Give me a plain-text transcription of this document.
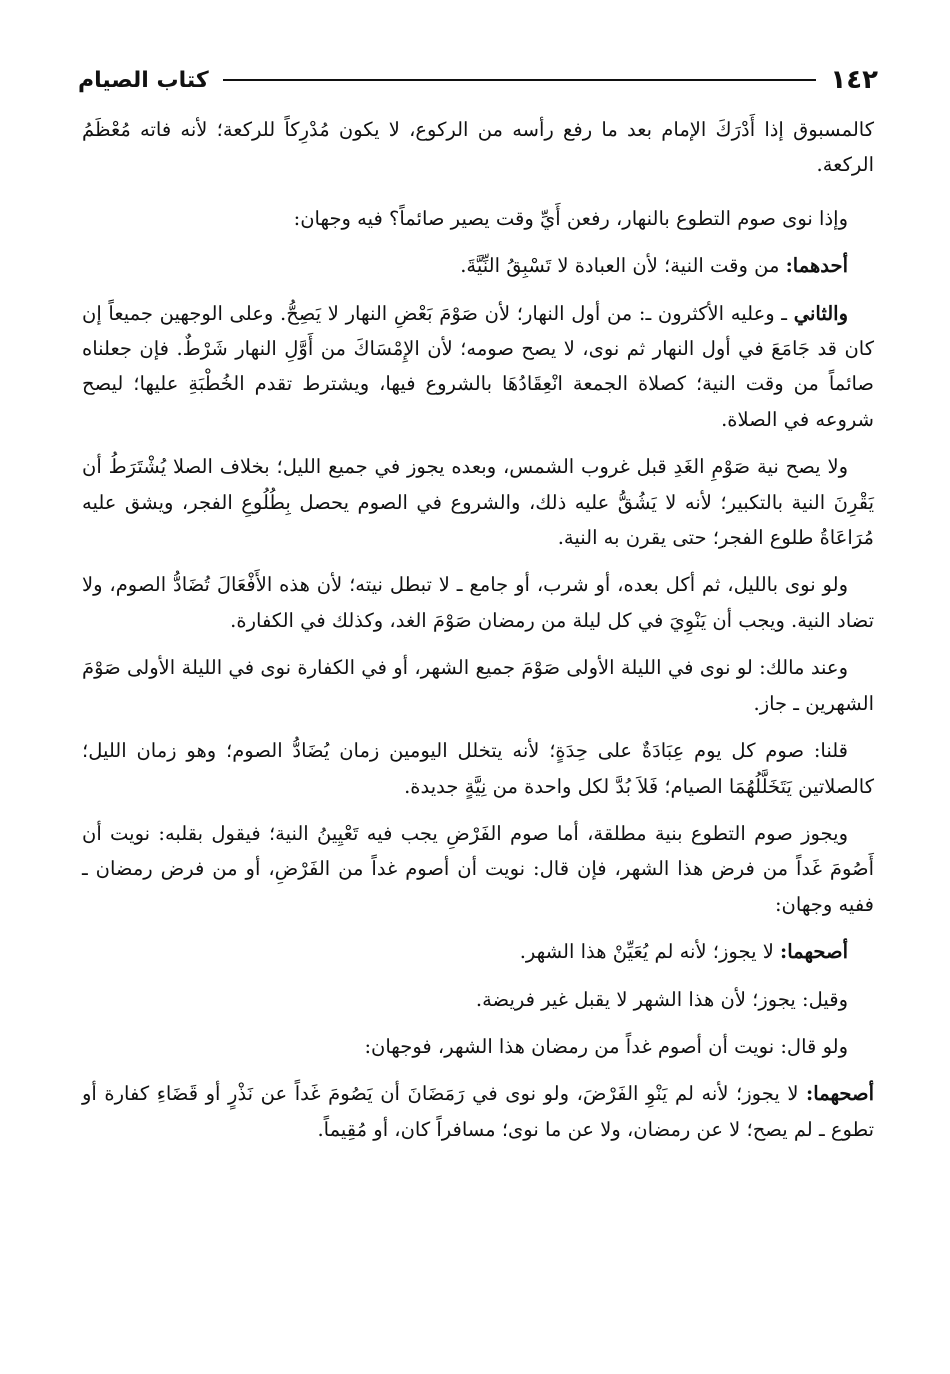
١٤٢
كتاب الصيام

كالمسبوق إذا أَدْرَكَ الإمام بعد ما رفع رأسه من الركوع، لا يكون مُدْرِكاً للركعة؛ لأنه فاته مُعْظَمُ الركعة.

وإذا نوى صوم التطوع بالنهار، رفعن أَيِّ وقت يصير صائماً؟ فيه وجهان:

أحدهما: من وقت النية؛ لأن العبادة لا تَسْبِقُ النِّيَّةَ.

والثاني ـ وعليه الأكثرون ـ: من أول النهار؛ لأن صَوْمَ بَعْضِ النهار لا يَصِحُّ. وعلى الوجهين جميعاً إن كان قد جَامَعَ في أول النهار ثم نوى، لا يصح صومه؛ لأن الإِمْسَاكَ من أَوَّلِ النهار شَرْطٌ. فإن جعلناه صائماً من وقت النية؛ كصلاة الجمعة انْعِقَادُهَا بالشروع فيها، ويشترط تقدم الخُطْبَةِ عليها؛ ليصح شروعه في الصلاة.

ولا يصح نية صَوْمِ الغَدِ قبل غروب الشمس، وبعده يجوز في جميع الليل؛ بخلاف الصلا يُشْتَرَطُ أن يَقْرِنَ النية بالتكبير؛ لأنه لا يَشُقُّ عليه ذلك، والشروع في الصوم يحصل بِطُلُوعِ الفجر، ويشق عليه مُرَاعَاةُ طلوع الفجر؛ حتى يقرن به النية.

ولو نوى بالليل، ثم أكل بعده، أو شرب، أو جامع ـ لا تبطل نيته؛ لأن هذه الأَفْعَالَ تُضَادُّ الصوم، ولا تضاد النية. ويجب أن يَنْوِيَ في كل ليلة من رمضان صَوْمَ الغد، وكذلك في الكفارة.

وعند مالك: لو نوى في الليلة الأولى صَوْمَ جميع الشهر، أو في الكفارة نوى في الليلة الأولى صَوْمَ الشهرين ـ جاز.

قلنا: صوم كل يوم عِبَادَةٌ على حِدَةٍ؛ لأنه يتخلل اليومين زمان يُضَادُّ الصوم؛ وهو زمان الليل؛ كالصلاتين يَتَخَلَّلُهُمَا الصيام؛ فَلاَ بُدَّ لكل واحدة من نِيَّةٍ جديدة.

ويجوز صوم التطوع بنية مطلقة، أما صوم الفَرْضِ يجب فيه تَعْيِينُ النية؛ فيقول بقلبه: نويت أن أَصُومَ غَداً من فرض هذا الشهر، فإن قال: نويت أن أصوم غداً من الفَرْضِ، أو من فرض رمضان ـ ففيه وجهان:

أصحهما: لا يجوز؛ لأنه لم يُعَيِّنْ هذا الشهر.

وقيل: يجوز؛ لأن هذا الشهر لا يقبل غير فريضة.

ولو قال: نويت أن أصوم غداً من رمضان هذا الشهر، فوجهان:

أصحهما: لا يجوز؛ لأنه لم يَنْوِ الفَرْضَ، ولو نوى في رَمَضَانَ أن يَصُومَ غَداً عن نَذْرٍ أو قَضَاءِ كفارة أو تطوع ـ لم يصح؛ لا عن رمضان، ولا عن ما نوى؛ مسافراً كان، أو مُقِيماً.
